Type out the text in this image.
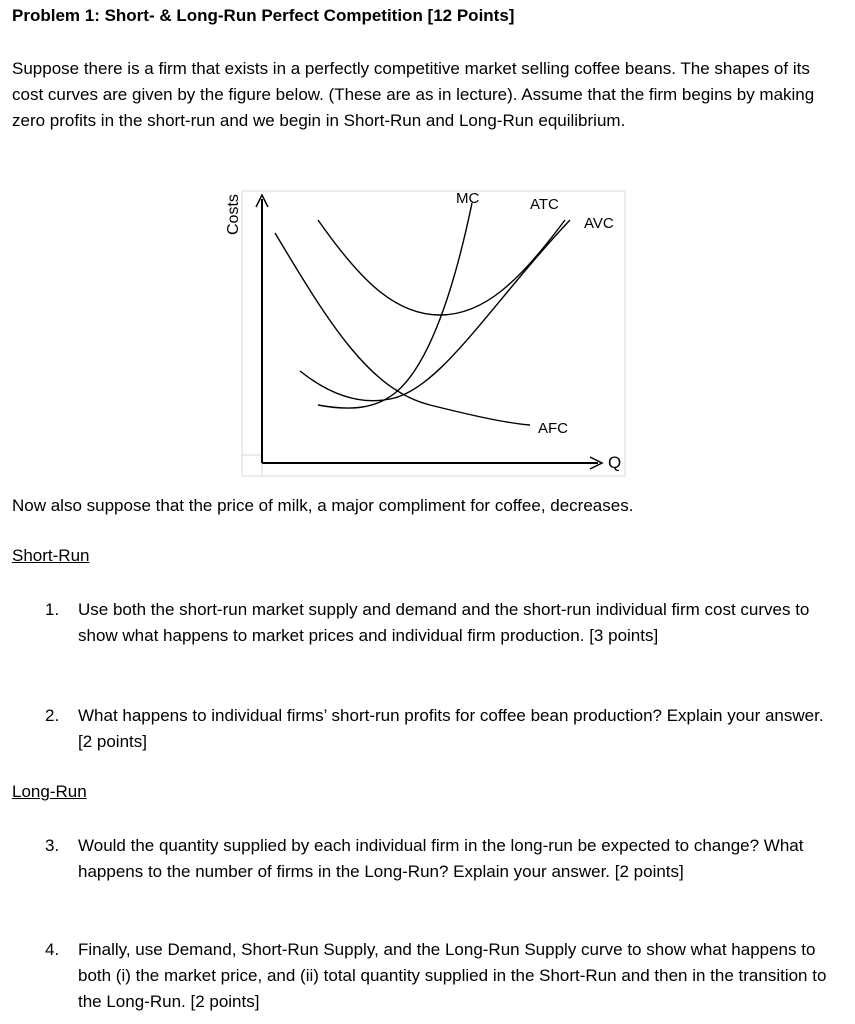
Problem 1: Short- & Long-Run Perfect Competition [12 Points]
Suppose there is a firm that exists in a perfectly competitive market selling coffee beans. The shapes of its cost curves are given by the figure below. (These are as in lecture). Assume that the firm begins by making zero profits in the short-run and we begin in Short-Run and Long-Run equilibrium.
Costs
Q
MC	ATC
AVC
AFC
Now also suppose that the price of milk, a major compliment for coffee, decreases.
Short-Run
1. Use both the short-run market supply and demand and the short-run individual firm cost curves to show what happens to market prices and individual firm production. [3 points]
2. What happens to individual firms’ short-run profits for coffee bean production? Explain your answer. [2 points]
Long-Run
3. Would the quantity supplied by each individual firm in the long-run be expected to change? What happens to the number of firms in the Long-Run? Explain your answer. [2 points]
4. Finally, use Demand, Short-Run Supply, and the Long-Run Supply curve to show what happens to both (i) the market price, and (ii) total quantity supplied in the Short-Run and then in the transition to the Long-Run. [2 points]
